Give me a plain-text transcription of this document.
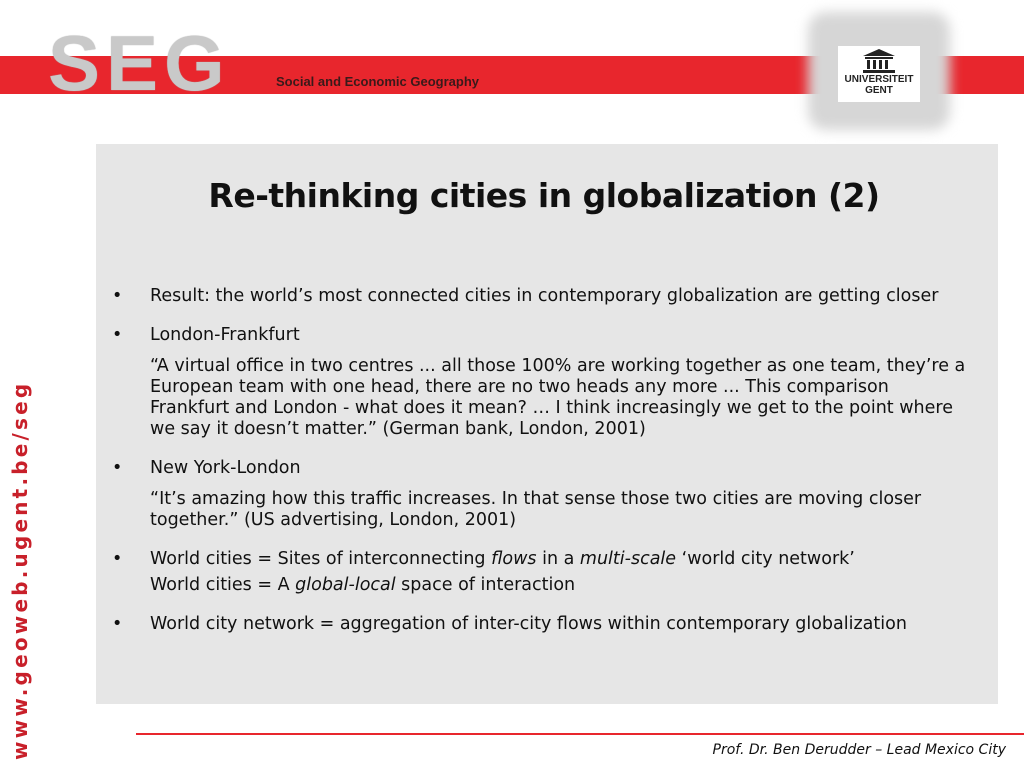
SEG	Social and Economic Geography	UNIVERSITEIT
GENT
www.geoweb.ugent.be/seg
Re-thinking cities in globalization (2)
• Result: the world’s most connected cities in contemporary globalization are getting closer
• London-Frankfurt
“A virtual office in two centres ... all those 100% are working together as one team, they’re a European team with one head, there are no two heads any more ... This comparison Frankfurt and London - what does it mean? … I think increasingly we get to the point where we say it doesn’t matter.” (German bank, London, 2001)
• New York-London
“It’s amazing how this traffic increases. In that sense those two cities are moving closer together.” (US advertising, London, 2001)
• World cities = Sites of interconnecting flows in a multi-scale ‘world city network’
World cities = A global-local space of interaction
• World city network = aggregation of inter-city flows within contemporary globalization
Prof. Dr. Ben Derudder – Lead Mexico City
